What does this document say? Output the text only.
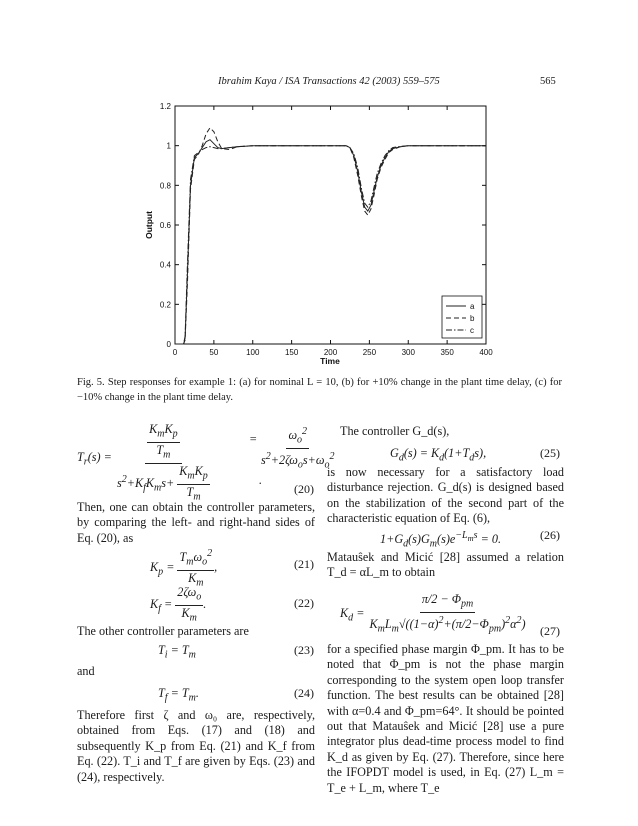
Ibrahim Kaya / ISA Transactions 42 (2003) 559–575	565
0	50	100	150	200	250	300	350	400
0
0.2
0.4
0.6
0.8
1
1.2
Time
Output
a
b
c
Fig. 5. Step responses for example 1: (a) for nominal L = 10, (b) for +10% change in the plant time delay, (c) for −10% change in the plant time delay.
$T_r(s) = \frac{\frac{K_mK_p}{T_m}}{s^2+K_fK_ms+ \frac{K_mK_p}{T_m}}$	= $\frac{\omega_o^2}{s^2+2\zeta\omega_os+\omega_o^2}$
.
(20)
Then, one can obtain the controller parameters, by comparing the left- and right-hand sides of Eq. (20), as
$K_p = \frac{T_m\omega_o^2}{K_m}$ ,	(21)
$K_f = \frac{2\zeta\omega_o}{K_m}$ .	(22)
The other controller parameters are
$T_i = T_m$	(23)
and
$T_f = T_m$.	(24)
Therefore first ζ and ω₀ are, respectively, obtained from Eqs. (17) and (18) and subsequently K_p from Eq. (21) and K_f from Eq. (22). T_i and T_f are given by Eqs. (23) and (24), respectively.
The controller G_d(s),
$G_d(s) = K_d(1+T_ds)$,	(25)
is now necessary for a satisfactory load disturbance rejection. G_d(s) is designed based on the stabilization of the second part of the characteristic equation of Eq. (6),
$1+G_d(s)G_m(s)e^{-L_ms} = 0$.	(26)
Matauŝek and Micić [28] assumed a relation T_d = αL_m to obtain
$K_d = \frac{\pi/2 - \Phi_{pm}}{K_mL_m√((1-\alpha)^2+(\pi/2-\Phi_{pm})^2\alpha^2)} (27)$
for a specified phase margin Φ_pm. It has to be noted that Φ_pm is not the phase margin corresponding to the system open loop transfer function. The best results can be obtained [28] with α=0.4 and Φ_pm=64°. It should be pointed out that Matauŝek and Micić [28] use a pure integrator plus dead-time process model to find K_d as given by Eq. (27). Therefore, since here the IFOPDT model is used, in Eq. (27) L_m = T_e + L_m, where T_e
